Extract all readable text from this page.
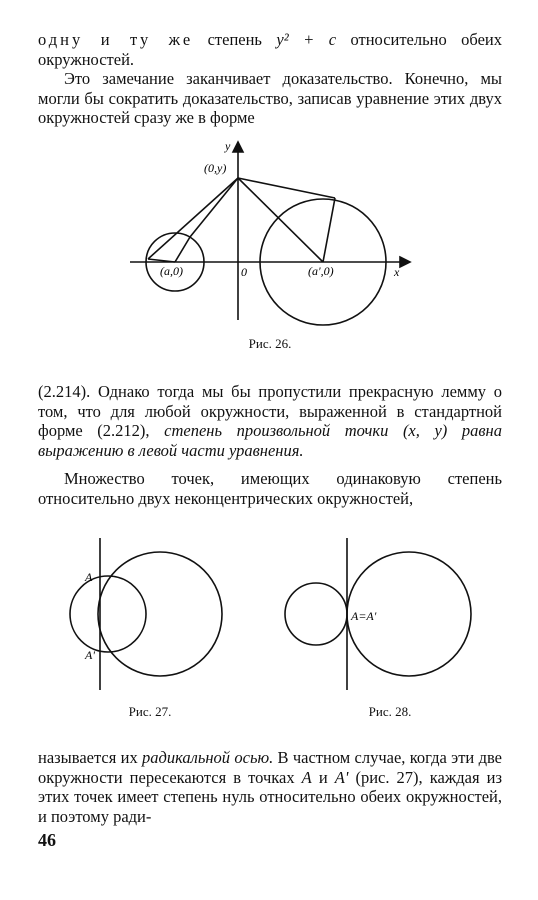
одну и ту же степень y² + c относительно обеих окружностей.

Это замечание заканчивает доказательство. Конечно, мы могли бы сократить доказательство, записав уравнение этих двух окружностей сразу же в форме

y
(0,y)
0
(a,0)	(a',0)	x
Рис. 26.

(2.214). Однако тогда мы бы пропустили прекрасную лемму о том, что для любой окружности, выраженной в стандартной форме (2.212), степень произвольной точки (x, y) равна выражению в левой части уравнения.

Множество точек, имеющих одинаковую степень относительно двух неконцентрических окружностей,

A
A'
Рис. 27.
A=A'
Рис. 28.

называется их радикальной осью. В частном случае, когда эти две окружности пересекаются в точках A и A' (рис. 27), каждая из этих точек имеет степень нуль относительно обеих окружностей, и поэтому ради-

46
